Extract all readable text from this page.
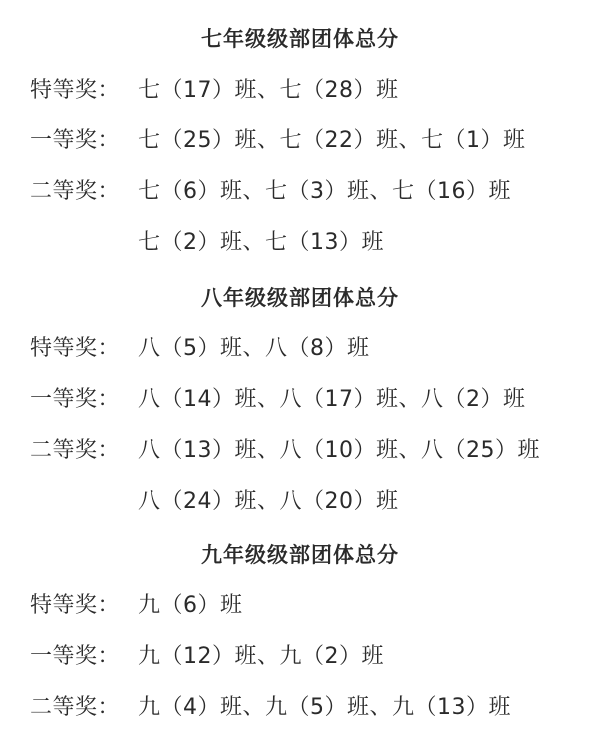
七年级级部团体总分
特等奖： 七（17）班、七（28）班
一等奖： 七（25）班、七（22）班、七（1）班
二等奖： 七（6）班、七（3）班、七（16）班
七（2）班、七（13）班
八年级级部团体总分
特等奖： 八（5）班、八（8）班
一等奖： 八（14）班、八（17）班、八（2）班
二等奖： 八（13）班、八（10）班、八（25）班
八（24）班、八（20）班
九年级级部团体总分
特等奖： 九（6）班
一等奖： 九（12）班、九（2）班
二等奖： 九（4）班、九（5）班、九（13）班
